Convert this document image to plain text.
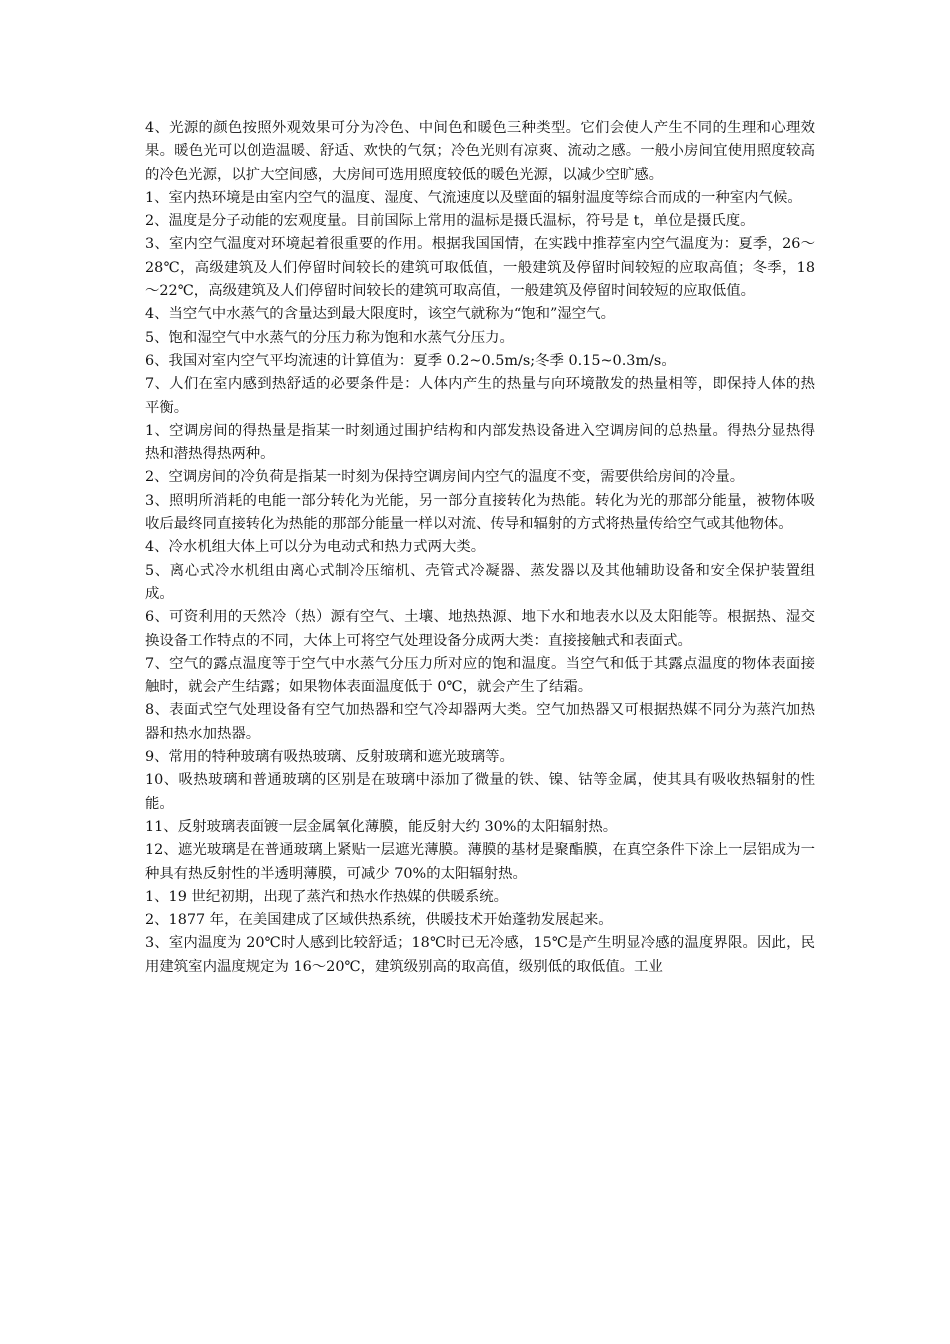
4、光源的颜色按照外观效果可分为冷色、中间色和暖色三种类型。它们会使人产生不同的生理和心理效果。暖色光可以创造温暖、舒适、欢快的气氛；冷色光则有凉爽、流动之感。一般小房间宜使用照度较高的冷色光源，以扩大空间感，大房间可选用照度较低的暖色光源，以减少空旷感。

1、室内热环境是由室内空气的温度、湿度、气流速度以及壁面的辐射温度等综合而成的一种室内气候。

2、温度是分子动能的宏观度量。目前国际上常用的温标是摄氏温标，符号是 t，单位是摄氏度。

3、室内空气温度对环境起着很重要的作用。根据我国国情，在实践中推荐室内空气温度为：夏季，26～28℃，高级建筑及人们停留时间较长的建筑可取低值，一般建筑及停留时间较短的应取高值；冬季，18～22℃，高级建筑及人们停留时间较长的建筑可取高值，一般建筑及停留时间较短的应取低值。

4、当空气中水蒸气的含量达到最大限度时，该空气就称为“饱和”湿空气。

5、饱和湿空气中水蒸气的分压力称为饱和水蒸气分压力。

6、我国对室内空气平均流速的计算值为：夏季 0.2~0.5m/s;冬季 0.15~0.3m/s。

7、人们在室内感到热舒适的必要条件是：人体内产生的热量与向环境散发的热量相等，即保持人体的热平衡。

1、空调房间的得热量是指某一时刻通过围护结构和内部发热设备进入空调房间的总热量。得热分显热得热和潜热得热两种。

2、空调房间的冷负荷是指某一时刻为保持空调房间内空气的温度不变，需要供给房间的冷量。

3、照明所消耗的电能一部分转化为光能，另一部分直接转化为热能。转化为光的那部分能量，被物体吸收后最终同直接转化为热能的那部分能量一样以对流、传导和辐射的方式将热量传给空气或其他物体。

4、冷水机组大体上可以分为电动式和热力式两大类。

5、离心式冷水机组由离心式制冷压缩机、壳管式冷凝器、蒸发器以及其他辅助设备和安全保护装置组成。

6、可资利用的天然冷（热）源有空气、土壤、地热热源、地下水和地表水以及太阳能等。根据热、湿交换设备工作特点的不同，大体上可将空气处理设备分成两大类：直接接触式和表面式。

7、空气的露点温度等于空气中水蒸气分压力所对应的饱和温度。当空气和低于其露点温度的物体表面接触时，就会产生结露；如果物体表面温度低于 0℃，就会产生了结霜。

8、表面式空气处理设备有空气加热器和空气冷却器两大类。空气加热器又可根据热媒不同分为蒸汽加热器和热水加热器。

9、常用的特种玻璃有吸热玻璃、反射玻璃和遮光玻璃等。

10、吸热玻璃和普通玻璃的区别是在玻璃中添加了微量的铁、镍、钴等金属，使其具有吸收热辐射的性能。

11、反射玻璃表面镀一层金属氧化薄膜，能反射大约 30%的太阳辐射热。

12、遮光玻璃是在普通玻璃上紧贴一层遮光薄膜。薄膜的基材是聚酯膜，在真空条件下涂上一层铝成为一种具有热反射性的半透明薄膜，可减少 70%的太阳辐射热。

1、19 世纪初期，出现了蒸汽和热水作热媒的供暖系统。

2、1877 年，在美国建成了区域供热系统，供暖技术开始蓬勃发展起来。

3、室内温度为 20℃时人感到比较舒适；18℃时已无冷感，15℃是产生明显冷感的温度界限。因此，民用建筑室内温度规定为 16～20℃，建筑级别高的取高值，级别低的取低值。工业
